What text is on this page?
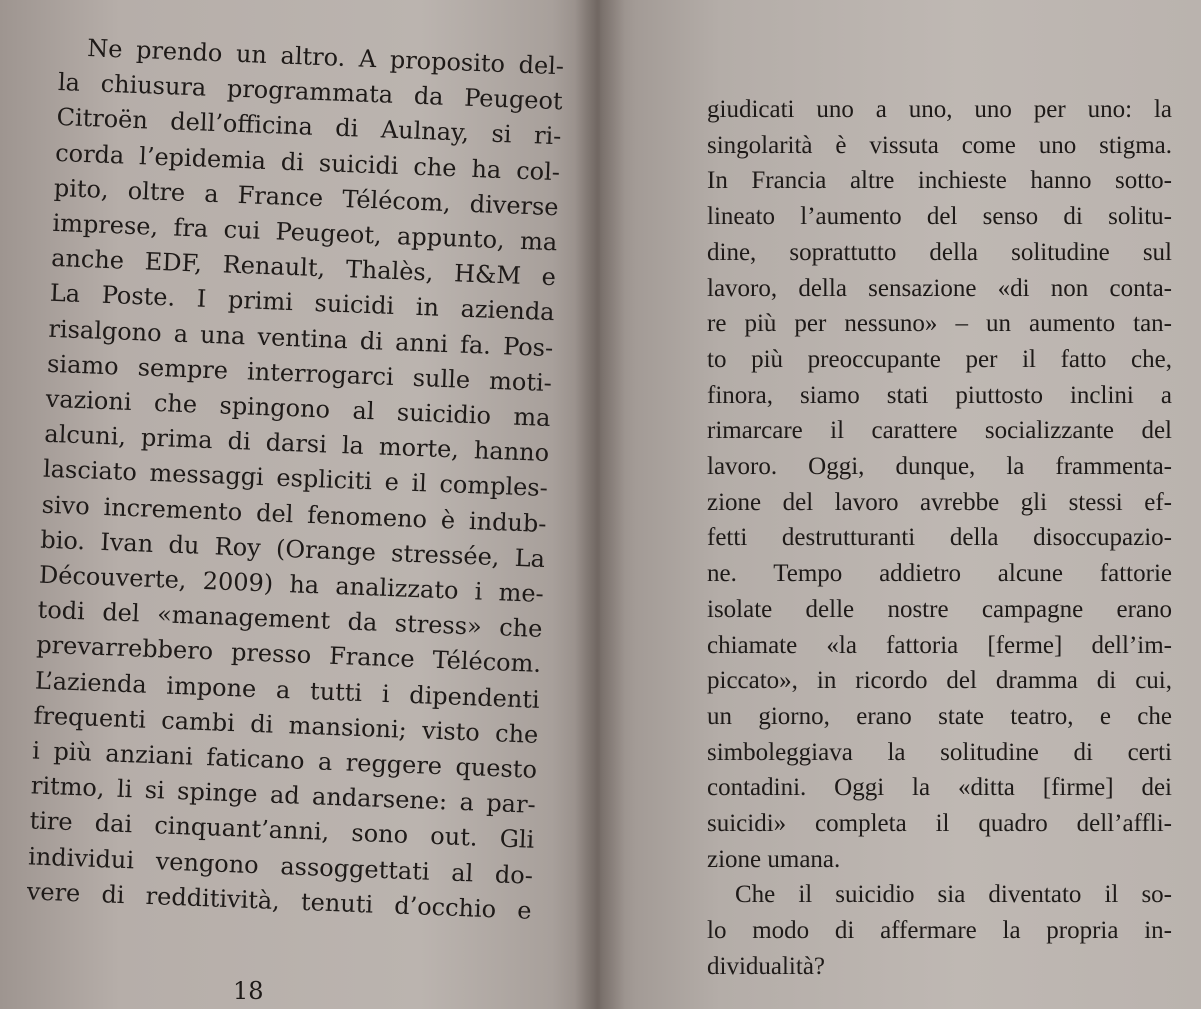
Ne prendo un altro. A proposito del-
la chiusura programmata da Peugeot
Citroën dell’officina di Aulnay, si ri-
corda l’epidemia di suicidi che ha col-
pito, oltre a France Télécom, diverse
imprese, fra cui Peugeot, appunto, ma
anche EDF, Renault, Thalès, H&M e
La Poste. I primi suicidi in azienda
risalgono a una ventina di anni fa. Pos-
siamo sempre interrogarci sulle moti-
vazioni che spingono al suicidio ma
alcuni, prima di darsi la morte, hanno
lasciato messaggi espliciti e il comples-
sivo incremento del fenomeno è indub-
bio. Ivan du Roy (Orange stressée, La
Découverte, 2009) ha analizzato i me-
todi del «management da stress» che
prevarrebbero presso France Télécom.
L’azienda impone a tutti i dipendenti
frequenti cambi di mansioni; visto che
i più anziani faticano a reggere questo
ritmo, li si spinge ad andarsene: a par-
tire dai cinquant’anni, sono out. Gli
individui vengono assoggettati al do-
vere di redditività, tenuti d’occhio e
18
giudicati uno a uno, uno per uno: la
singolarità è vissuta come uno stigma.
In Francia altre inchieste hanno sotto-
lineato l’aumento del senso di solitu-
dine, soprattutto della solitudine sul
lavoro, della sensazione «di non conta-
re più per nessuno» – un aumento tan-
to più preoccupante per il fatto che,
finora, siamo stati piuttosto inclini a
rimarcare il carattere socializzante del
lavoro. Oggi, dunque, la frammenta-
zione del lavoro avrebbe gli stessi ef-
fetti destrutturanti della disoccupazio-
ne. Tempo addietro alcune fattorie
isolate delle nostre campagne erano
chiamate «la fattoria [ferme] dell’im-
piccato», in ricordo del dramma di cui,
un giorno, erano state teatro, e che
simboleggiava la solitudine di certi
contadini. Oggi la «ditta [firme] dei
suicidi» completa il quadro dell’affli-
zione umana.
Che il suicidio sia diventato il so-
lo modo di affermare la propria in-
dividualità?
